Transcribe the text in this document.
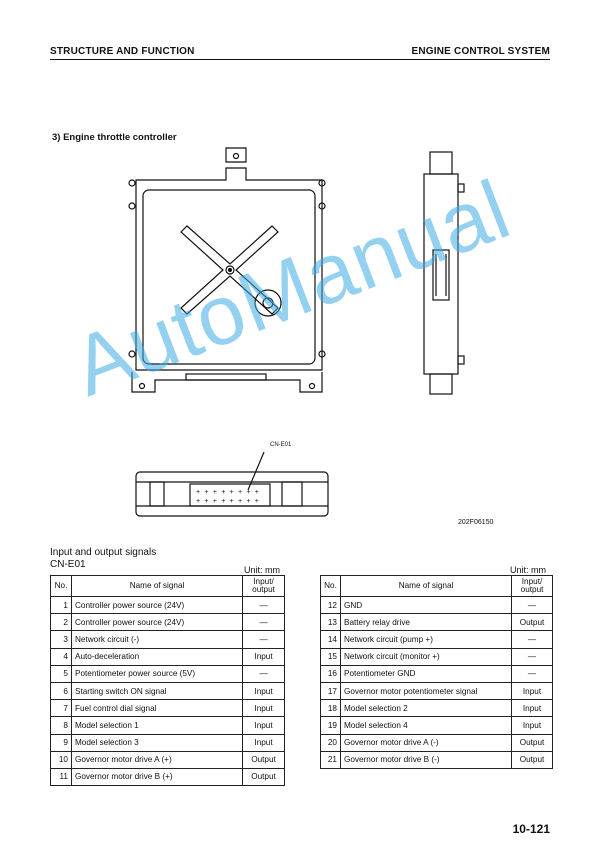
STRUCTURE AND FUNCTION	ENGINE CONTROL SYSTEM
3) Engine throttle controller
+ + + + + + + +
+ + + + + + + +
CN-E01
202F06150
AutoManual
Input and output signals
CN-E01	Unit: mm	Unit: mm
No.	Name of signal	Input/
output
1	Controller power source (24V)	—
2	Controller power source (24V)	—
3	Network circuit (-)	—
4	Auto-deceleration	Input
5	Potentiometer power source (5V)	—
6	Starting switch ON signal	Input
7	Fuel control dial signal	Input
8	Model selection 1	Input
9	Model selection 3	Input
10	Governor motor drive A (+)	Output
11	Governor motor drive B (+)	Output
No.	Name of signal	Input/
output
12	GND	—
13	Battery relay drive	Output
14	Network circuit (pump +)	—
15	Network circuit (monitor +)	—
16	Potentiometer GND	—
17	Governor motor potentiometer signal	Input
18	Model selection 2	Input
19	Model selection 4	Input
20	Governor motor drive A (-)	Output
21	Governor motor drive B (-)	Output
10-121
